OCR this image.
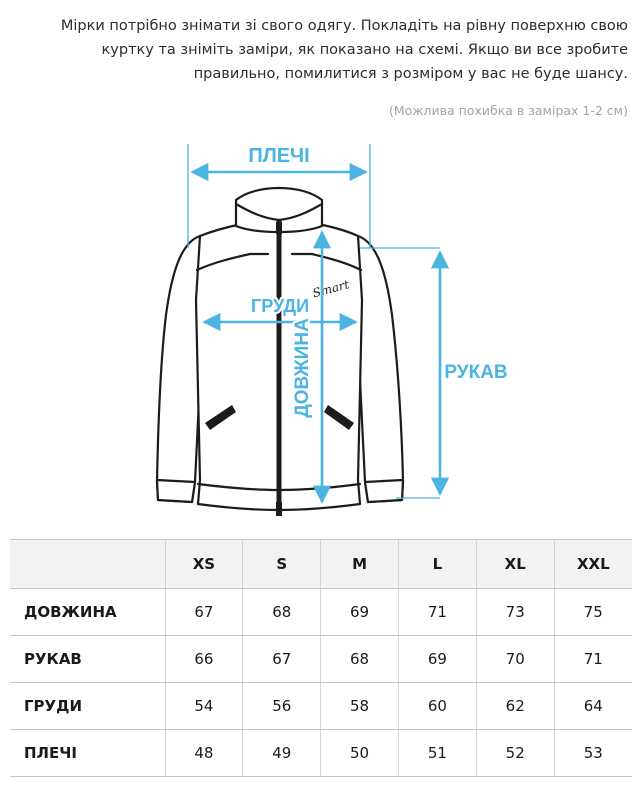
Мірки потрібно знімати зі свого одягу. Покладіть на рівну поверхню свою куртку та зніміть заміри, як показано на схемі. Якщо ви все зробите правильно, помилитися з розміром у вас не буде шансу.
(Можлива похибка в замірах 1-2 см)
Smart
ПЛЕЧІ
ГРУДИ
ДОВЖИНА	РУКАВ
	XS	S	M	L	XL	XXL
ДОВЖИНА	67	68	69	71	73	75
РУКАВ	66	67	68	69	70	71
ГРУДИ	54	56	58	60	62	64
ПЛЕЧІ	48	49	50	51	52	53
